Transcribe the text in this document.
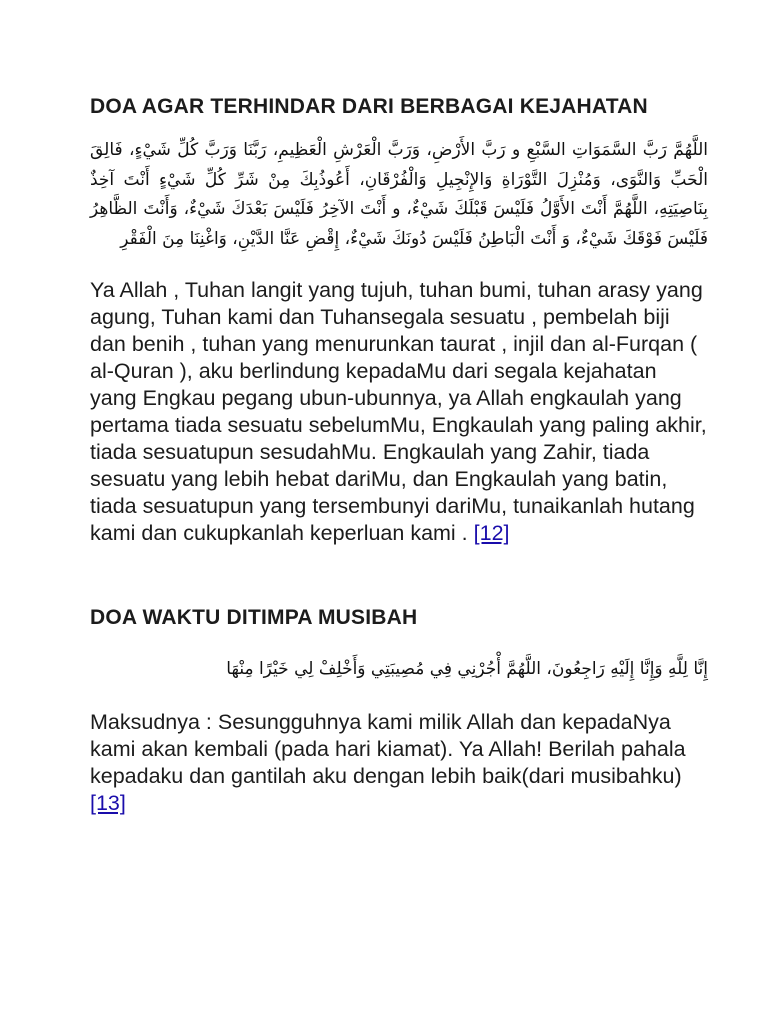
DOA AGAR TERHINDAR DARI BERBAGAI KEJAHATAN

اللَّهُمَّ رَبَّ السَّمَوَاتِ السَّبْعِ و رَبَّ الأَرْضِ، وَرَبَّ الْعَرْشِ الْعَظِيمِ، رَبَّنَا وَرَبَّ كُلِّ شَيْءٍ، فَالِقَ الْحَبِّ وَالنَّوَى، وَمُنْزِلَ التَّوْرَاةِ وَالإِنْجِيلِ وَالْفُرْقَانِ، أَعُوذُبِكَ مِنْ شَرِّ كُلِّ شَيْءٍ أَنْتَ آخِذٌ بِنَاصِيَتِهِ، اللَّهُمَّ أَنْتَ الأَوَّلُ فَلَيْسَ قَبْلَكَ شَيْءٌ، و أَنْتَ الآخِرُ فَلَيْسَ بَعْدَكَ شَيْءٌ، وَأَنْتَ الظَّاهِرُ فَلَيْسَ فَوْقَكَ شَيْءٌ، وَ أَنْتَ الْبَاطِنُ فَلَيْسَ دُونَكَ شَيْءٌ، إِقْضِ عَنَّا الدَّيْنِ، وَاغْنِنَا مِنَ الْفَقْرِ

Ya Allah , Tuhan langit yang tujuh, tuhan bumi, tuhan arasy yang agung, Tuhan kami dan Tuhansegala sesuatu , pembelah biji dan benih , tuhan yang menurunkan taurat , injil dan al-Furqan ( al-Quran ), aku berlindung kepadaMu dari segala kejahatan yang Engkau pegang ubun-ubunnya, ya Allah engkaulah yang pertama tiada sesuatu sebelumMu, Engkaulah yang paling akhir, tiada sesuatupun sesudahMu. Engkaulah yang Zahir, tiada sesuatu yang lebih hebat dariMu, dan Engkaulah yang batin, tiada sesuatupun yang tersembunyi dariMu, tunaikanlah hutang kami dan cukupkanlah keperluan kami . [12]

DOA WAKTU DITIMPA MUSIBAH

إِنَّا لِلَّهِ وَإِنَّا إِلَيْهِ رَاجِعُونَ، اللَّهُمَّ أْجُرْنِي فِي مُصِيبَتِي وَأَخْلِفْ لِي خَيْرًا مِنْهَا

Maksudnya : Sesungguhnya kami milik Allah dan kepadaNya kami akan kembali (pada hari kiamat). Ya Allah! Berilah pahala kepadaku dan gantilah aku dengan lebih baik(dari musibahku)[13]
